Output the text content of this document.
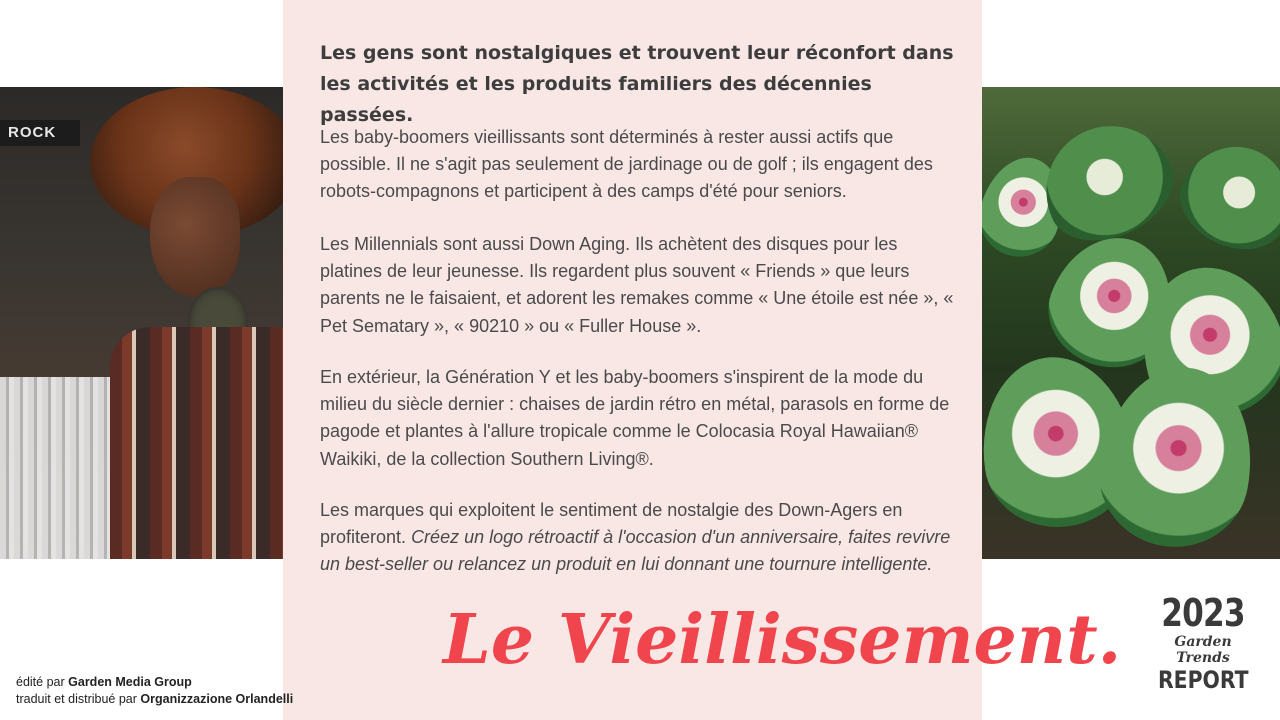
ROCK

Les gens sont nostalgiques et trouvent leur réconfort dans les activités et les produits familiers des décennies passées.

Les baby-boomers vieillissants sont déterminés à rester aussi actifs que possible. Il ne s'agit pas seulement de jardinage ou de golf ; ils engagent des robots-compagnons et participent à des camps d'été pour seniors.

Les Millennials sont aussi Down Aging. Ils achètent des disques pour les platines de leur jeunesse. Ils regardent plus souvent « Friends » que leurs parents ne le faisaient, et adorent les remakes comme « Une étoile est née », « Pet Sematary », « 90210 » ou « Fuller House ».

En extérieur, la Génération Y et les baby-boomers s'inspirent de la mode du milieu du siècle dernier : chaises de jardin rétro en métal, parasols en forme de pagode et plantes à l'allure tropicale comme le Colocasia Royal Hawaiian® Waikiki, de la collection Southern Living®.

Les marques qui exploitent le sentiment de nostalgie des Down-Agers en profiteront. Créez un logo rétroactif à l'occasion d'un anniversaire, faites revivre un best-seller ou relancez un produit en lui donnant une tournure intelligente.

Le Vieillissement.
édité par Garden Media Group
traduit et distribué par Organizzazione Orlandelli
2023
Garden Trends
REPORT
